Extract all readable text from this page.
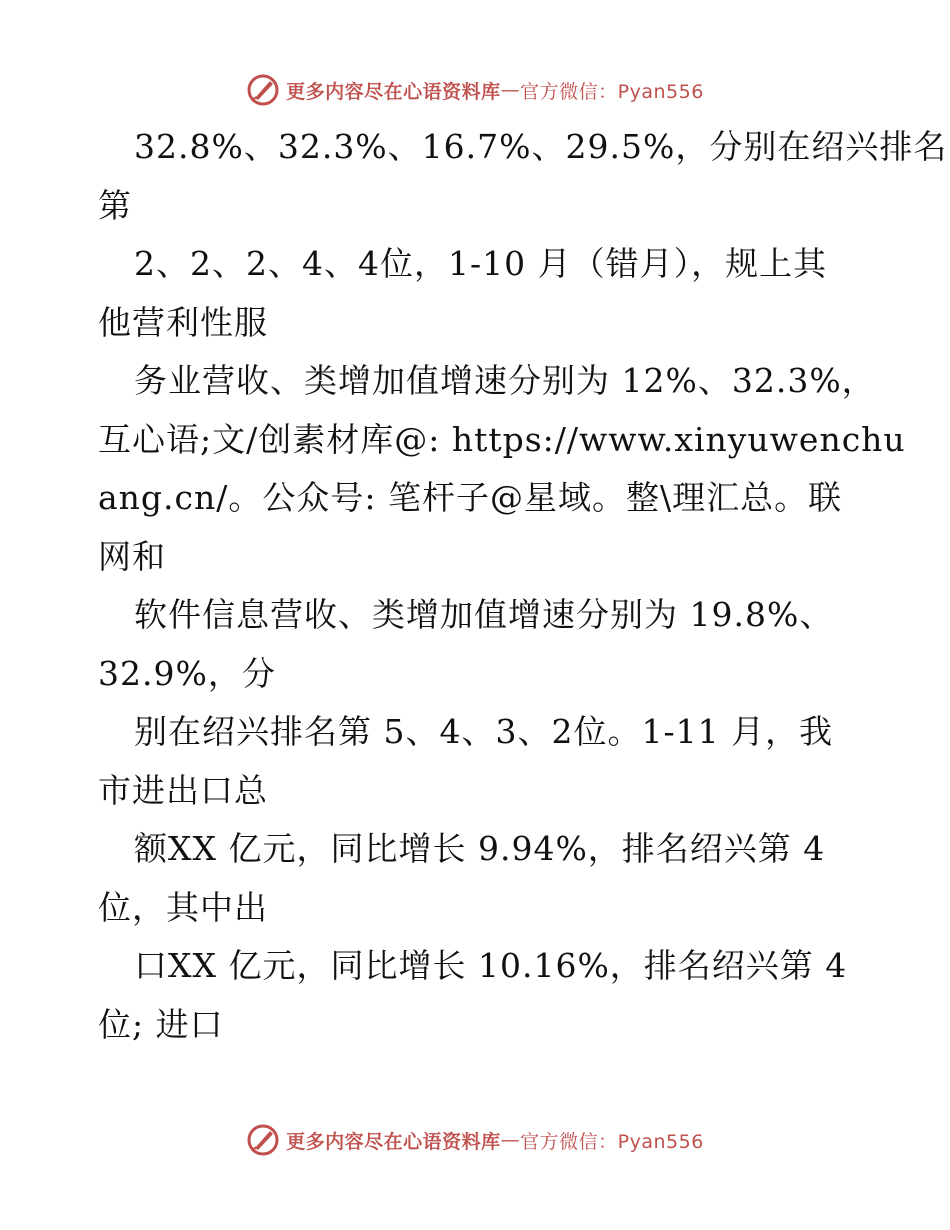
更多内容尽在心语资料库 — 官方微信：Pyan556
32.8%、32.3%、16.7%、29.5%，分别在绍兴排名
第
2、2、2、4、4位，1-10 月（错月），规上其
他营利性服
务业营收、类增加值增速分别为 12%、32.3%，
互心语;文/创素材库@: https://www.xinyuwenchu
ang.cn/。公众号: 笔杆子@星域。整\理汇总。联
网和
软件信息营收、类增加值增速分别为 19.8%、
32.9%，分
别在绍兴排名第 5、4、3、2位。1-11 月，我
市进出口总
额XX 亿元，同比增长 9.94%，排名绍兴第 4
位，其中出
口XX 亿元，同比增长 10.16%，排名绍兴第 4
位; 进口
更多内容尽在心语资料库 — 官方微信：Pyan556
